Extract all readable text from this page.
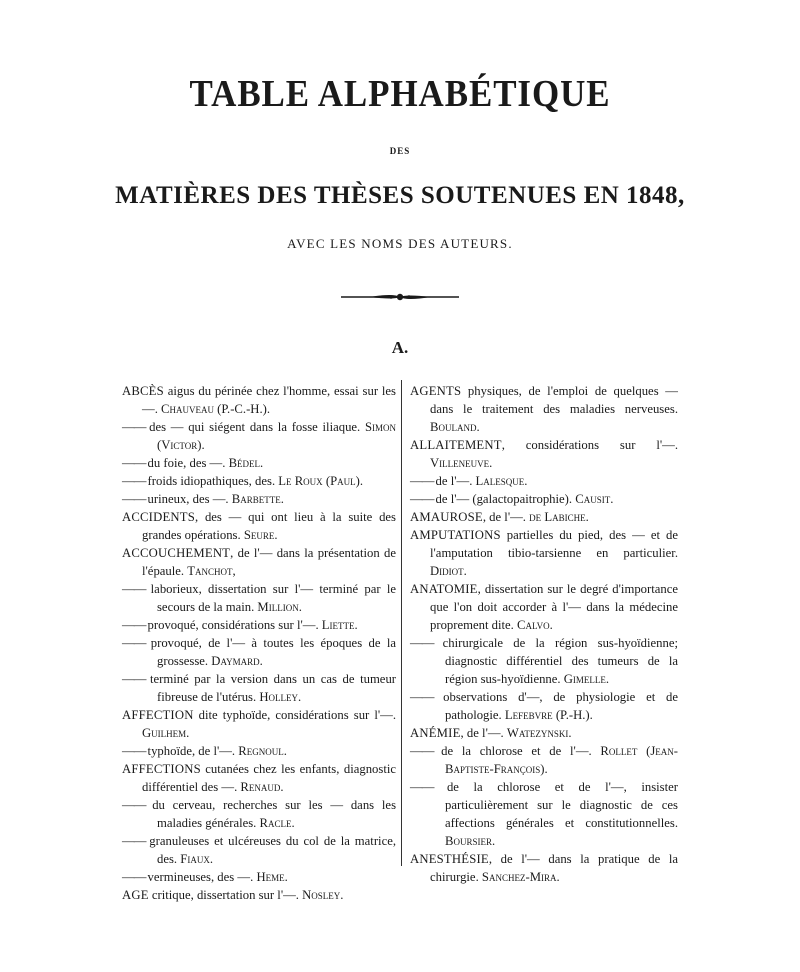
TABLE ALPHABÉTIQUE
DES
MATIÈRES DES THÈSES SOUTENUES EN 1848,
AVEC LES NOMS DES AUTEURS.
A.
ABCÈS aigus du périnée chez l'homme, essai sur les —. Chauveau (P.-C.-H.).
—— des — qui siégent dans la fosse iliaque. Simon (Victor).
—— du foie, des —. Bédel.
—— froids idiopathiques, des. Le Roux (Paul).
—— urineux, des —. Barbette.
ACCIDENTS, des — qui ont lieu à la suite des grandes opérations. Seure.
ACCOUCHEMENT, de l'— dans la présentation de l'épaule. Tanchot,
—— laborieux, dissertation sur l'— terminé par le secours de la main. Million.
—— provoqué, considérations sur l'—. Liette.
—— provoqué, de l'— à toutes les époques de la grossesse. Daymard.
—— terminé par la version dans un cas de tumeur fibreuse de l'utérus. Holley.
AFFECTION dite typhoïde, considérations sur l'—. Guilhem.
—— typhoïde, de l'—. Regnoul.
AFFECTIONS cutanées chez les enfants, diagnostic différentiel des —. Renaud.
—— du cerveau, recherches sur les — dans les maladies générales. Racle.
—— granuleuses et ulcéreuses du col de la matrice, des. Fiaux.
—— vermineuses, des —. Heme.
AGE critique, dissertation sur l'—. Nosley.
AGENTS physiques, de l'emploi de quelques — dans le traitement des maladies nerveuses. Bouland.
ALLAITEMENT, considérations sur l'—. Villeneuve.
—— de l'—. Lalesque.
—— de l'— (galactopaitrophie). Causit.
AMAUROSE, de l'—. de Labiche.
AMPUTATIONS partielles du pied, des — et de l'amputation tibio-tarsienne en particulier. Didiot.
ANATOMIE, dissertation sur le degré d'importance que l'on doit accorder à l'— dans la médecine proprement dite. Calvo.
—— chirurgicale de la région sus-hyoïdienne; diagnostic différentiel des tumeurs de la région sus-hyoïdienne. Gimelle.
—— observations d'—, de physiologie et de pathologie. Lefebvre (P.-H.).
ANÉMIE, de l'—. Watezynski.
—— de la chlorose et de l'—. Rollet (Jean-Baptiste-François).
—— de la chlorose et de l'—, insister particulièrement sur le diagnostic de ces affections générales et constitutionnelles. Boursier.
ANESTHÉSIE, de l'— dans la pratique de la chirurgie. Sanchez-Mira.
